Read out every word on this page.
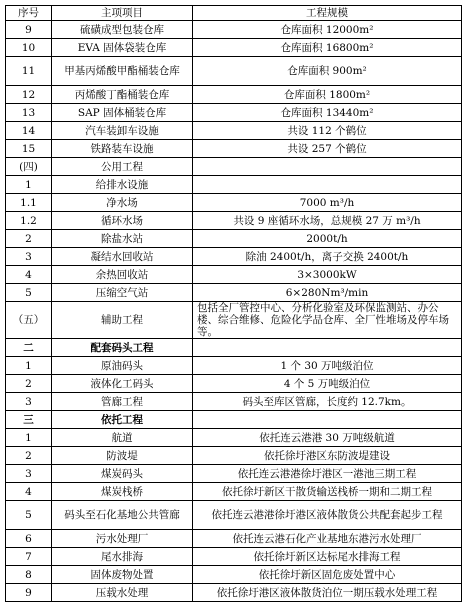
序号	主项项目	工程规模
9	硫磺成型包装仓库	仓库面积 12000m²
10	EVA 固体袋装仓库	仓库面积 16800m²
11	甲基丙烯酸甲酯桶装仓库	仓库面积 900m²
12	丙烯酸丁酯桶装仓库	仓库面积 1800m²
13	SAP 固体桶装仓库	仓库面积 13440m²
14	汽车装卸车设施	共设 112 个鹤位
15	铁路装车设施	共设 257 个鹤位
(四)	公用工程	
1	给排水设施	
1.1	净水场	7000 m³/h
1.2	循环水场	共设 9 座循环水场，总规模 27 万 m³/h
2	除盐水站	2000t/h
3	凝结水回收站	除油 2400t/h，离子交换 2400t/h
4	余热回收站	3×3000kW
5	压缩空气站	6×280Nm³/min
（五）	辅助工程	包括全厂管控中心、分析化验室及环保监测站、办公楼、综合维修、危险化学品仓库、全厂性堆场及停车场等。
二	配套码头工程	
1	原油码头	1 个 30 万吨级泊位
2	液体化工码头	4 个 5 万吨级泊位
3	管廊工程	码头至库区管廊，长度约 12.7km。
三	依托工程	
1	航道	依托连云港港 30 万吨级航道
2	防波堤	依托徐圩港区东防波堤建设
3	煤炭码头	依托连云港港徐圩港区一港池三期工程
4	煤炭栈桥	依托徐圩新区干散货输送栈桥一期和二期工程
5	码头至石化基地公共管廊	依托连云港港徐圩港区液体散货公共配套起步工程
6	污水处理厂	依托连云港石化产业基地东港污水处理厂
7	尾水排海	依托徐圩新区达标尾水排海工程
8	固体废物处置	依托徐圩新区固危废处置中心
9	压载水处理	依托徐圩港区液体散货泊位一期压载水处理工程
